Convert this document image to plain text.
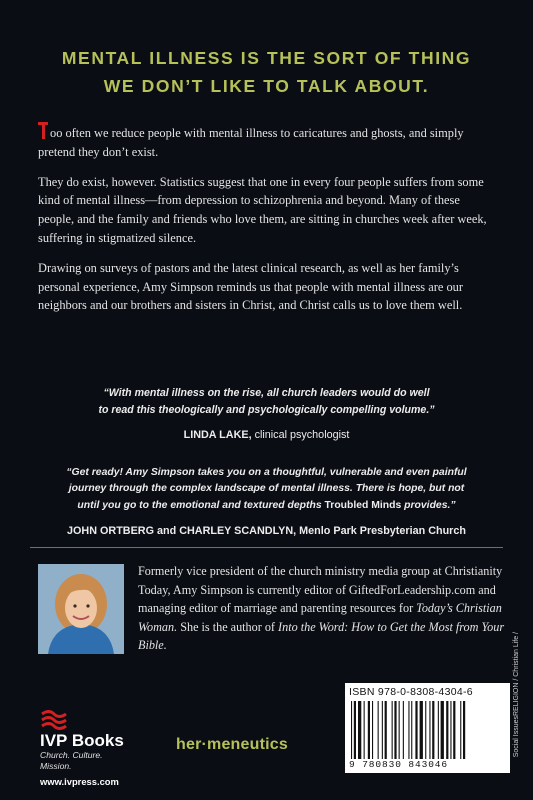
MENTAL ILLNESS IS THE SORT OF THING
WE DON’T LIKE TO TALK ABOUT.

oo often we reduce people with mental illness to caricatures and ghosts, and simply pretend they don’t exist.

They do exist, however. Statistics suggest that one in every four people suffers from some kind of mental illness—from depression to schizophrenia and beyond. Many of these people, and the family and friends who love them, are sitting in churches week after week, suffering in stigmatized silence.

Drawing on surveys of pastors and the latest clinical research, as well as her family’s personal experience, Amy Simpson reminds us that people with mental illness are our neighbors and our brothers and sisters in Christ, and Christ calls us to love them well.

“With mental illness on the rise, all church leaders would do well
to read this theologically and psychologically compelling volume.”
LINDA LAKE, clinical psychologist
“Get ready! Amy Simpson takes you on a thoughtful, vulnerable and even painful
journey through the complex landscape of mental illness. There is hope, but not
until you go to the emotional and textured depths Troubled Minds provides.”
JOHN ORTBERG and CHARLEY SCANDLYN, Menlo Park Presbyterian Church
Formerly vice president of the church ministry media group at Christianity Today, Amy Simpson is currently editor of GiftedForLeadership.com and managing editor of marriage and parenting resources for Today’s Christian Woman. She is the author of Into the Word: How to Get the Most from Your Bible.	RELIGION / Christian Life /
Social Issues
ISBN 978-0-8308-4304-6
9 780830 843046
IVP Books
Church. Culture. Mission.
www.ivpress.com
her·meneutics
